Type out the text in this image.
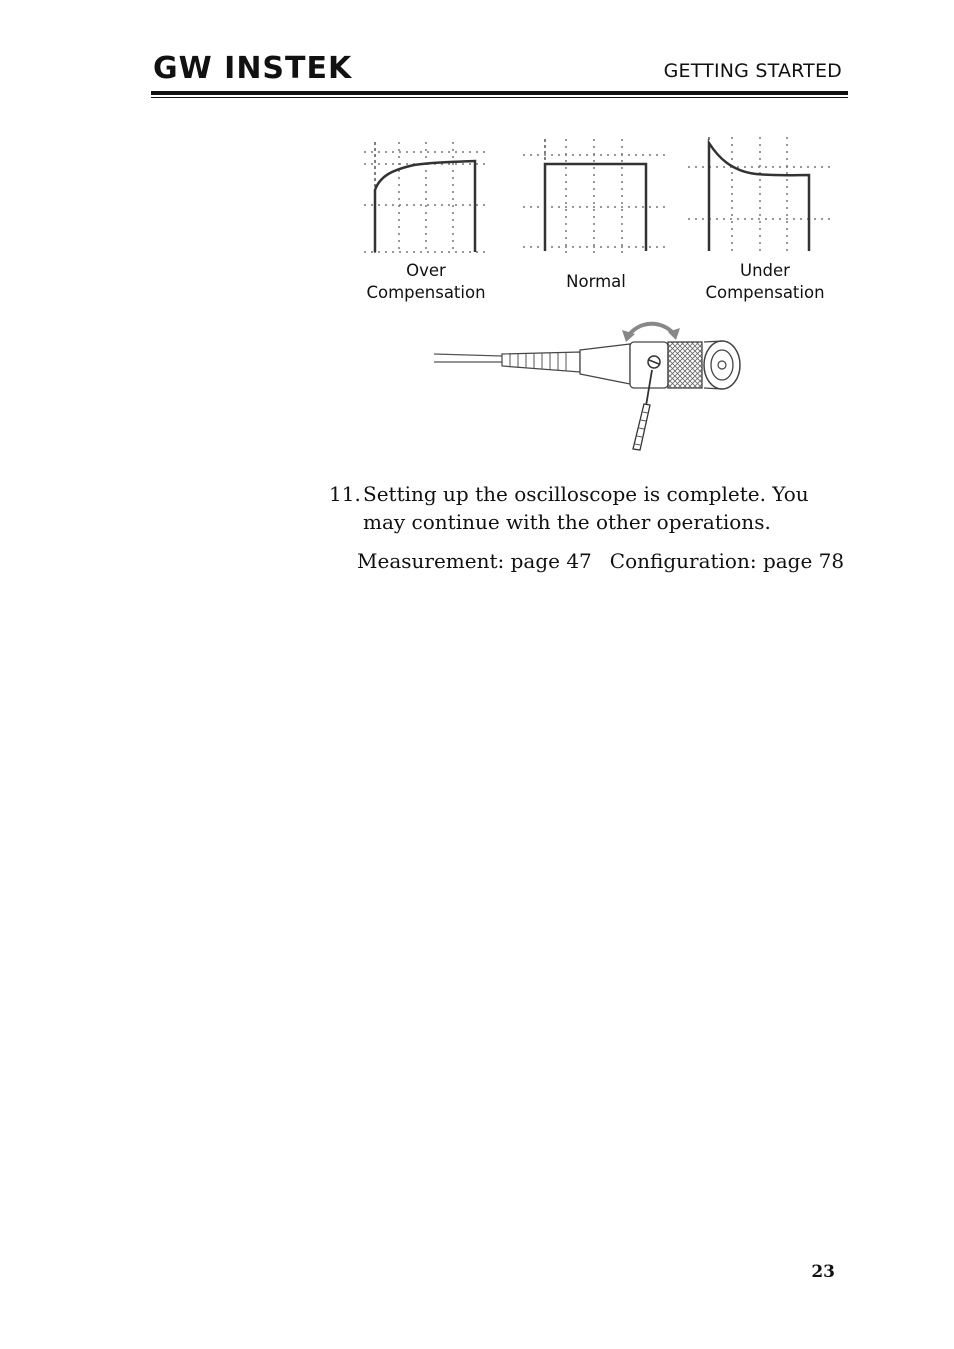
GW INSTEK	GETTING STARTED
Over
Compensation
Normal
Under
Compensation
11. Setting up the oscilloscope is complete. You may continue with the other operations.
Measurement: page 47 Configuration: page 78
23
